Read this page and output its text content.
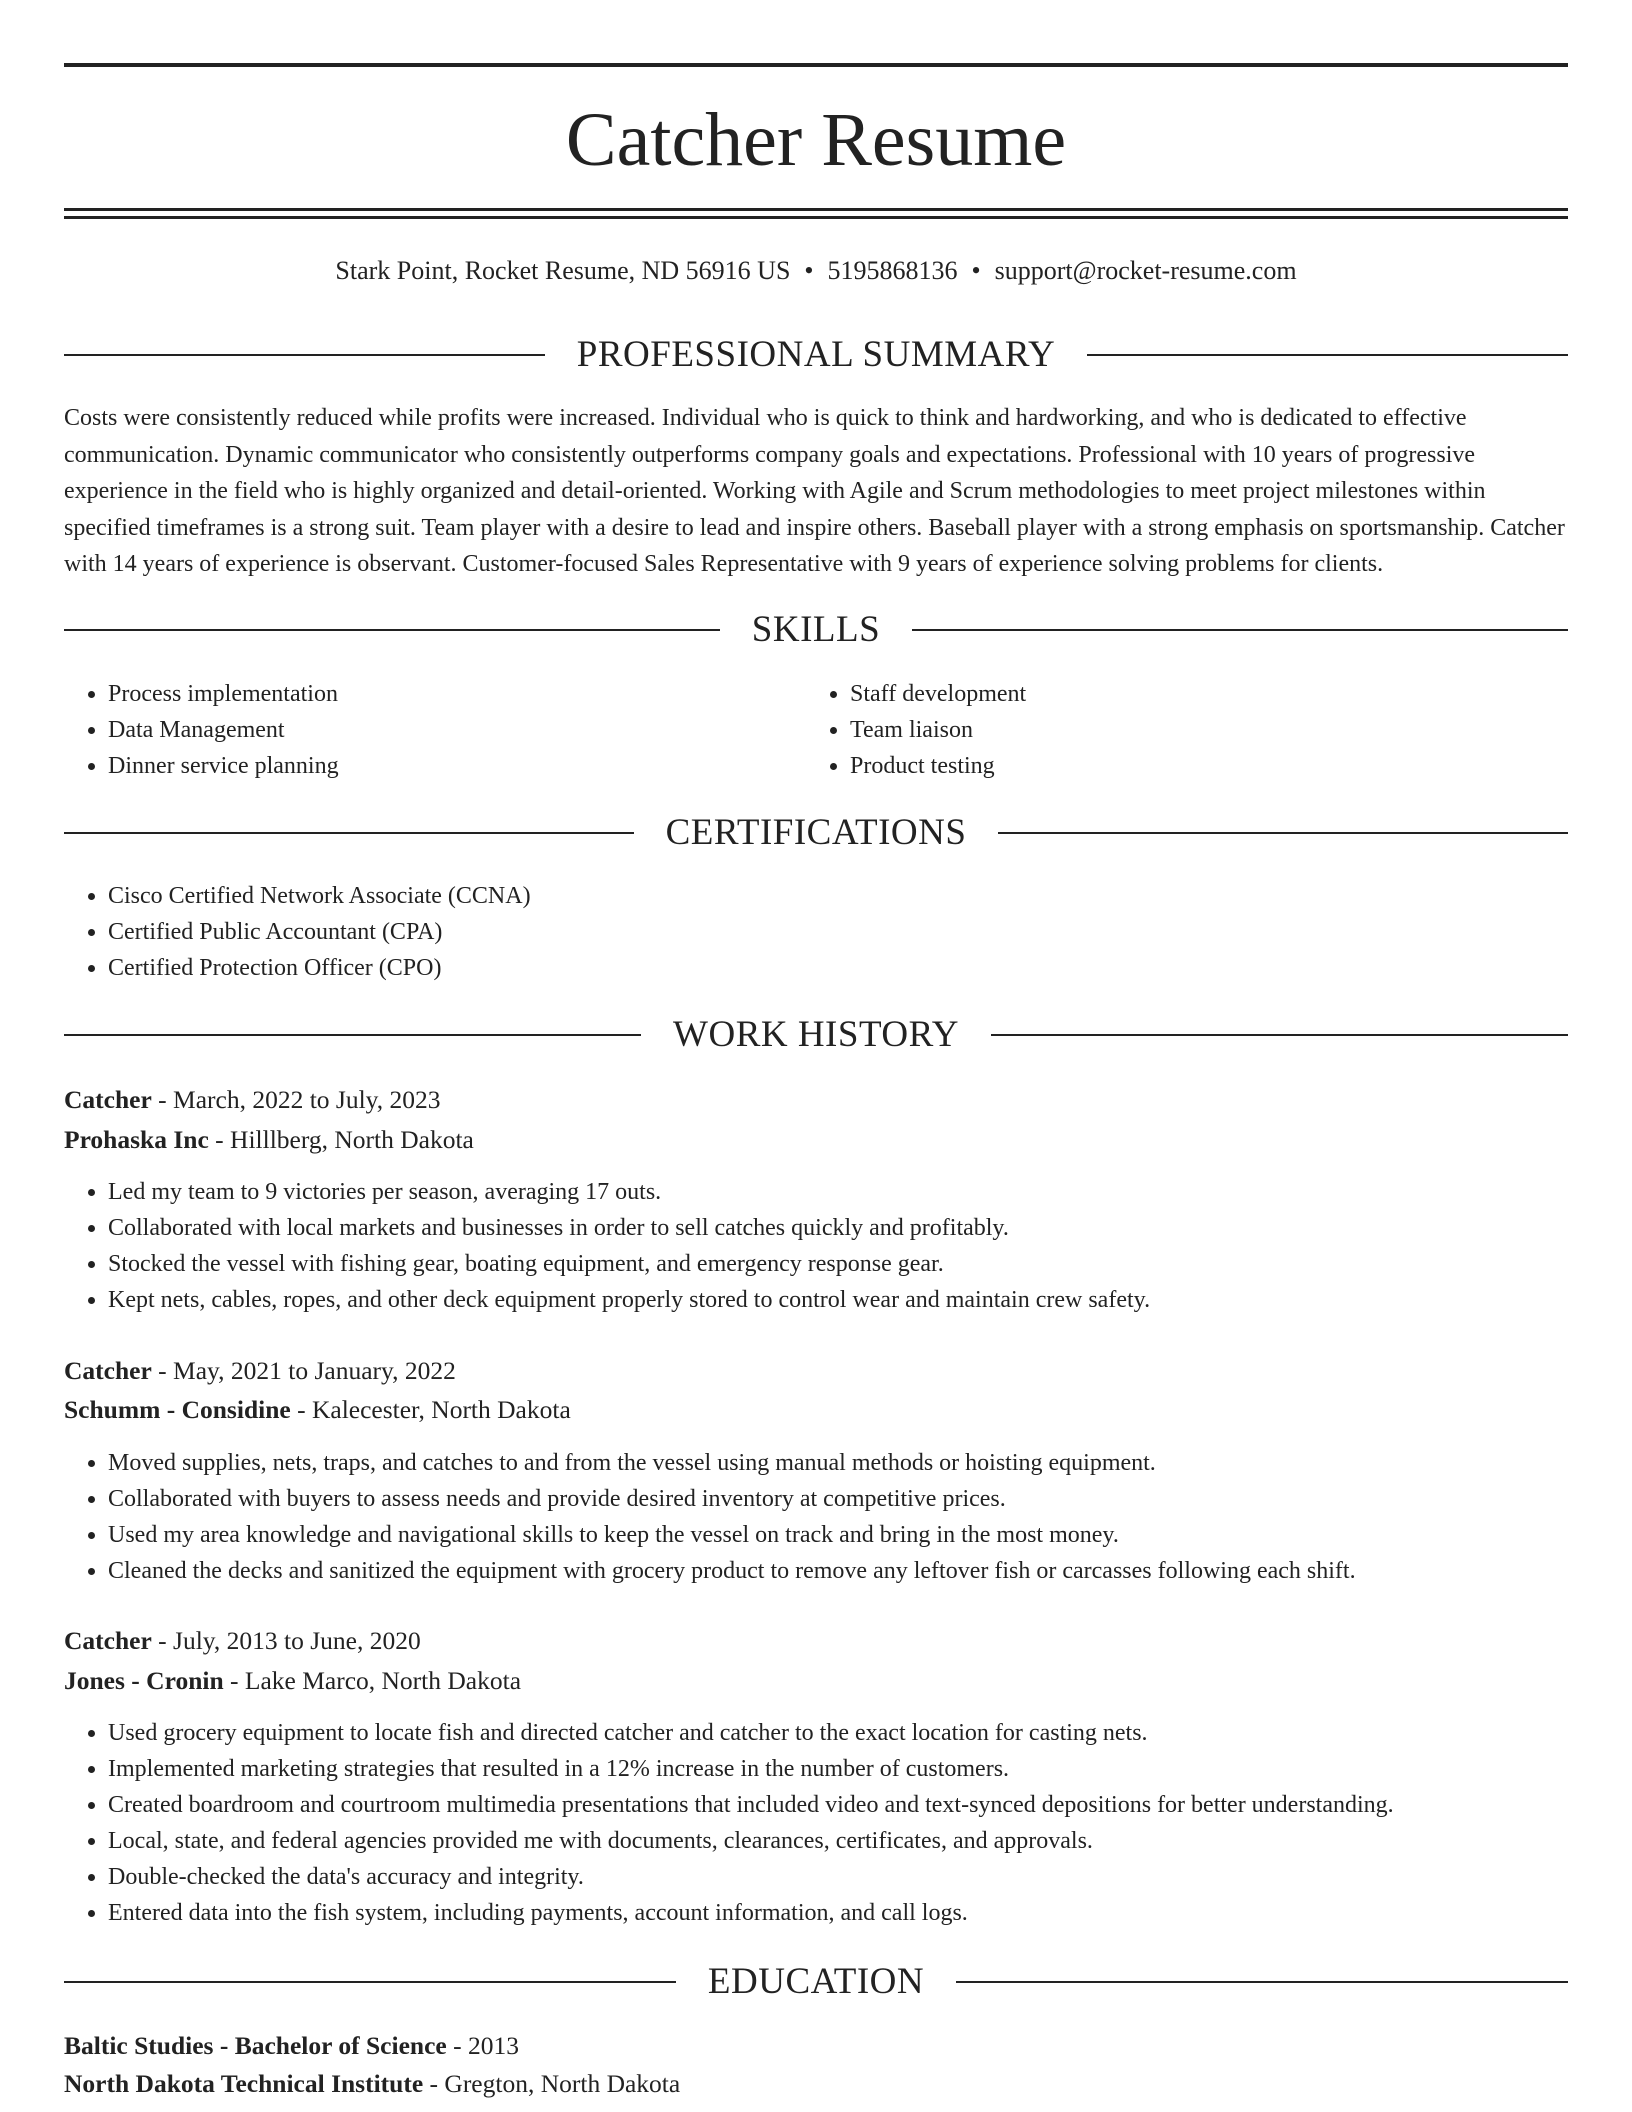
Catcher Resume
Stark Point, Rocket Resume, ND 56916 US • 5195868136 • support@rocket-resume.com
PROFESSIONAL SUMMARY

Costs were consistently reduced while profits were increased. Individual who is quick to think and hardworking, and who is dedicated to effective communication. Dynamic communicator who consistently outperforms company goals and expectations. Professional with 10 years of progressive experience in the field who is highly organized and detail-oriented. Working with Agile and Scrum methodologies to meet project milestones within specified timeframes is a strong suit. Team player with a desire to lead and inspire others. Baseball player with a strong emphasis on sportsmanship. Catcher with 14 years of experience is observant. Customer-focused Sales Representative with 9 years of experience solving problems for clients.

SKILLS
• Process implementation
• Data Management
• Dinner service planning
• Staff development
• Team liaison
• Product testing
CERTIFICATIONS
• Cisco Certified Network Associate (CCNA)
• Certified Public Accountant (CPA)
• Certified Protection Officer (CPO)
WORK HISTORY
Catcher - March, 2022 to July, 2023
Prohaska Inc - Hilllberg, North Dakota
• Led my team to 9 victories per season, averaging 17 outs.
• Collaborated with local markets and businesses in order to sell catches quickly and profitably.
• Stocked the vessel with fishing gear, boating equipment, and emergency response gear.
• Kept nets, cables, ropes, and other deck equipment properly stored to control wear and maintain crew safety.
Catcher - May, 2021 to January, 2022
Schumm - Considine - Kalecester, North Dakota
• Moved supplies, nets, traps, and catches to and from the vessel using manual methods or hoisting equipment.
• Collaborated with buyers to assess needs and provide desired inventory at competitive prices.
• Used my area knowledge and navigational skills to keep the vessel on track and bring in the most money.
• Cleaned the decks and sanitized the equipment with grocery product to remove any leftover fish or carcasses following each shift.
Catcher - July, 2013 to June, 2020
Jones - Cronin - Lake Marco, North Dakota
• Used grocery equipment to locate fish and directed catcher and catcher to the exact location for casting nets.
• Implemented marketing strategies that resulted in a 12% increase in the number of customers.
• Created boardroom and courtroom multimedia presentations that included video and text-synced depositions for better understanding.
• Local, state, and federal agencies provided me with documents, clearances, certificates, and approvals.
• Double-checked the data's accuracy and integrity.
• Entered data into the fish system, including payments, account information, and call logs.
EDUCATION
Baltic Studies - Bachelor of Science - 2013
North Dakota Technical Institute - Gregton, North Dakota
